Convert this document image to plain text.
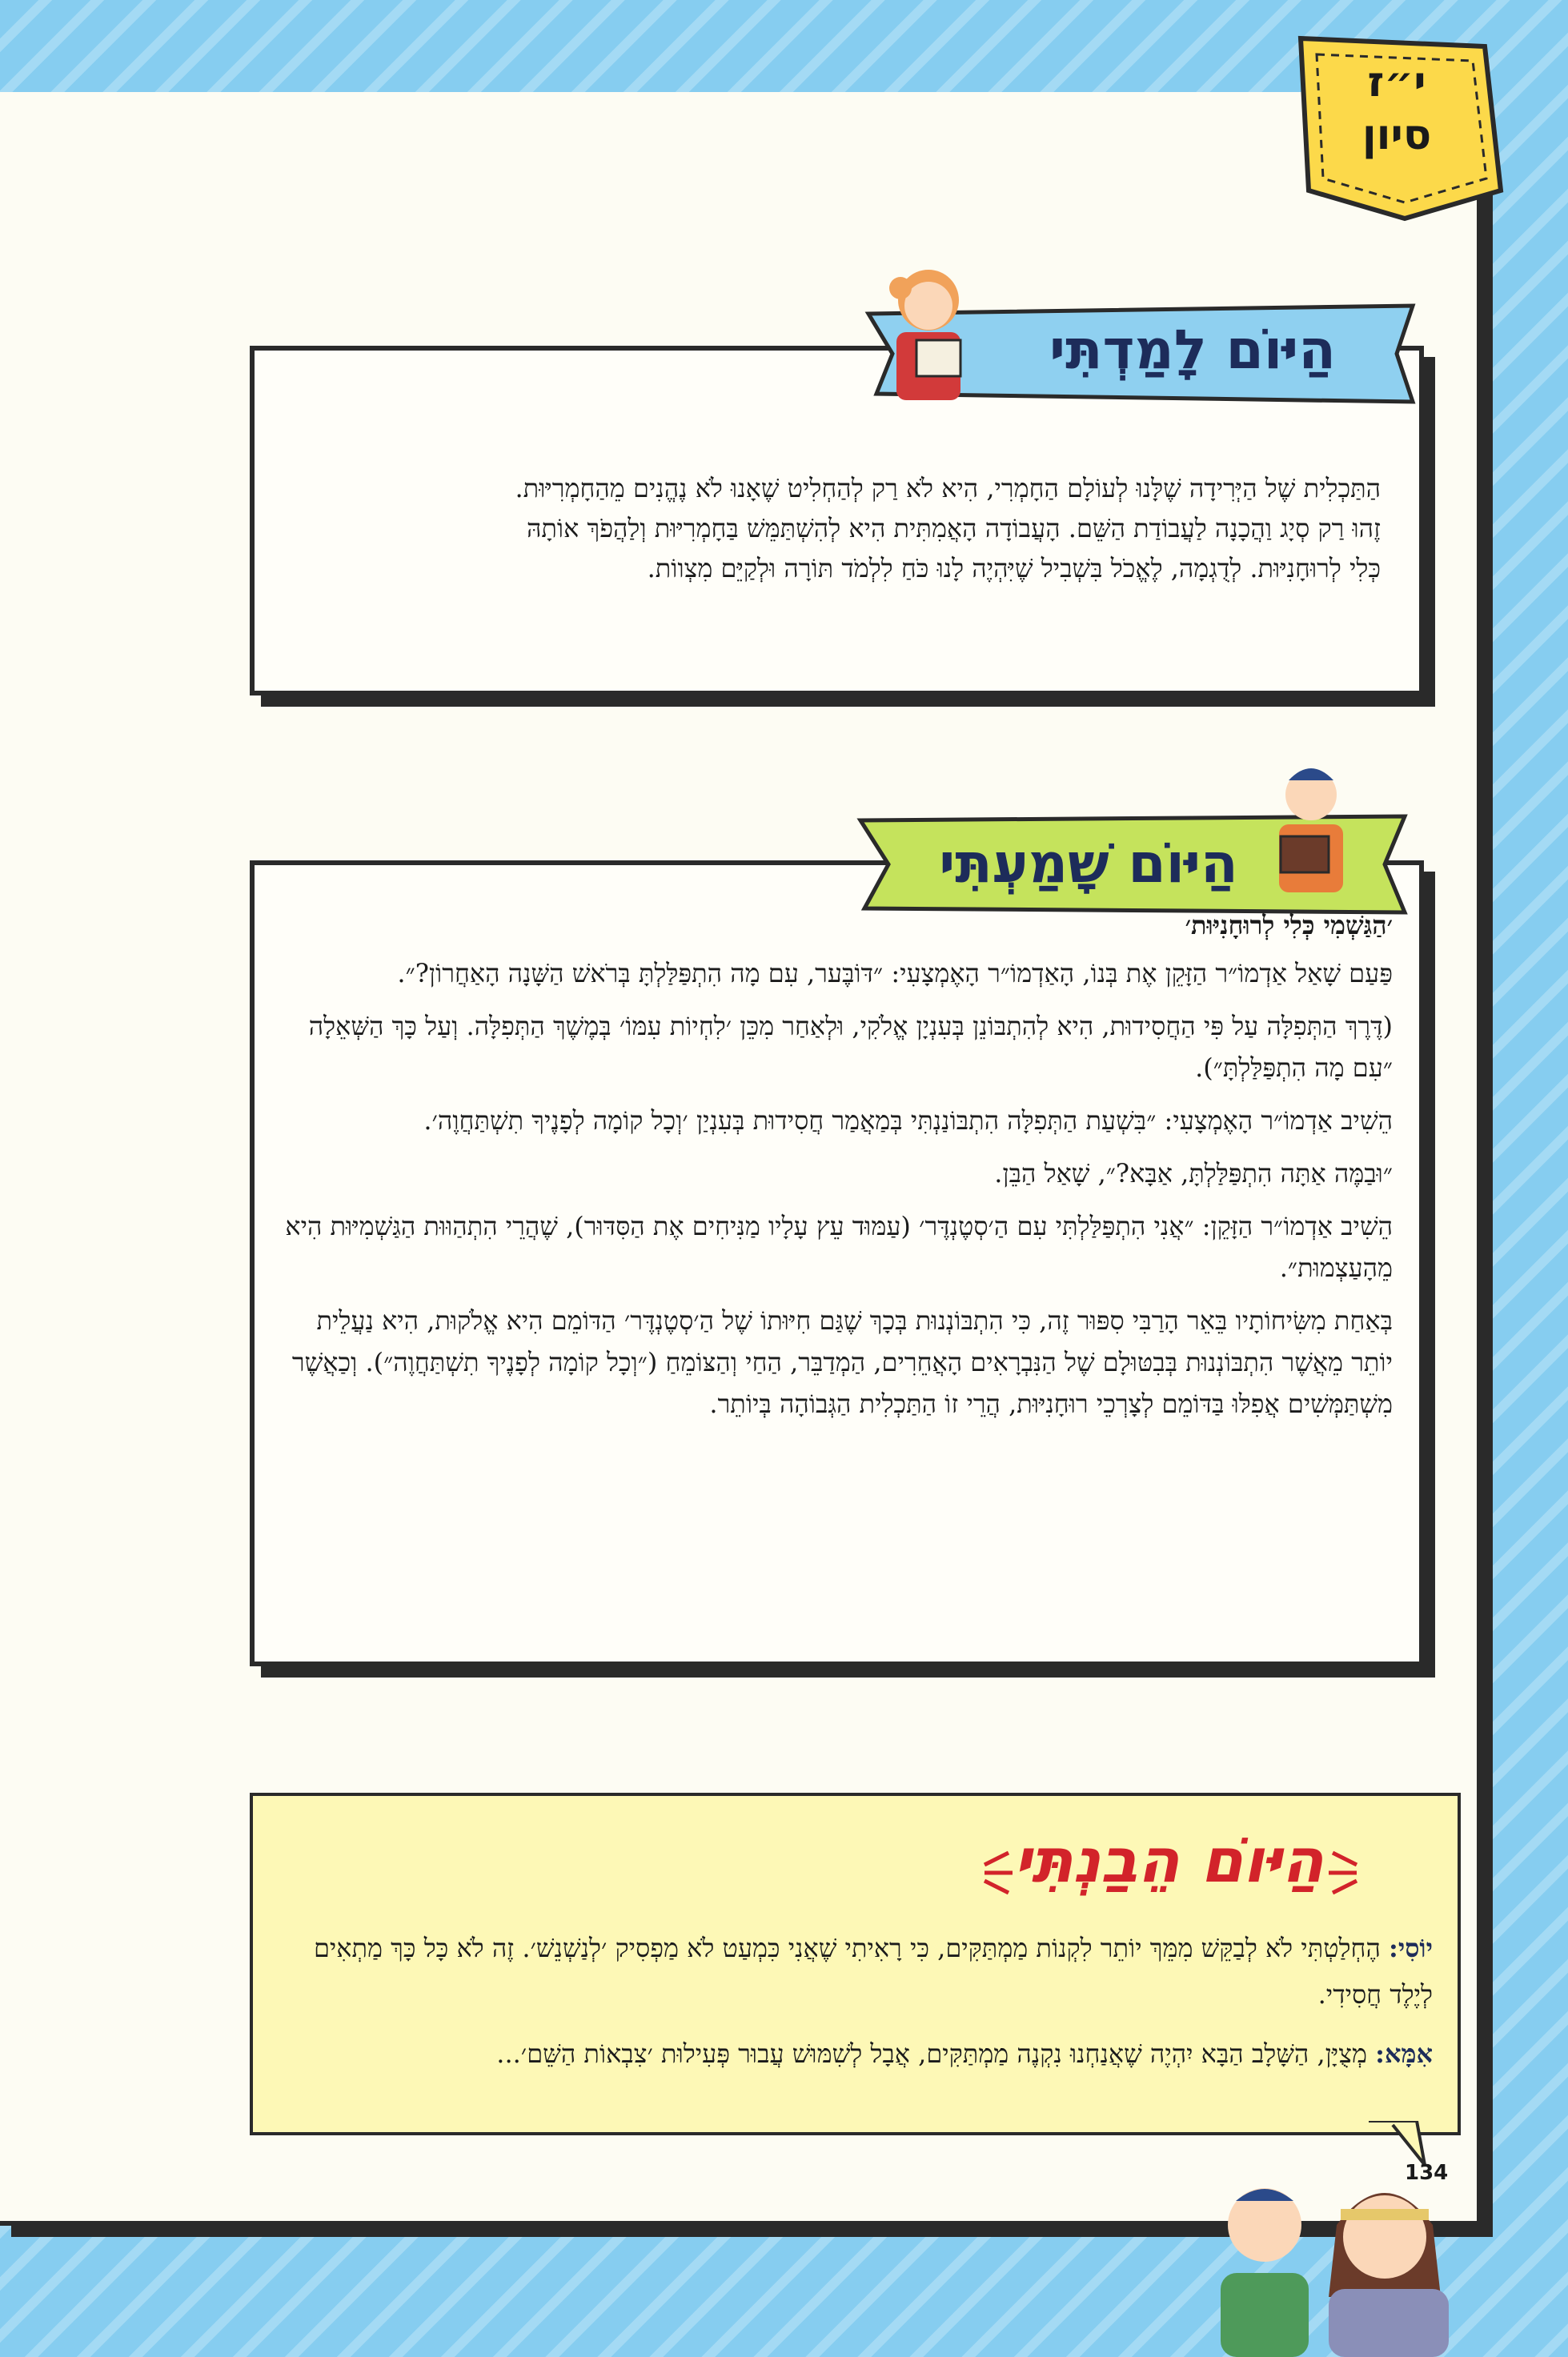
י״ז
סיון
הַיּוֹם לָמַדְתִּי

הַתַּכְלִית שֶׁל הַיְּרִידָה שֶׁלָּנוּ לְעוֹלָם הַחָמְרִי, הִיא לֹא רַק לְהַחְלִיט שֶׁאָנוּ לֹא נֶהֱנִים מֵהַחָמְרִיּוּת.

זֶהוּ רַק סְיָג וַהֲכָנָה לַעֲבוֹדַת הַשֵּׁם. הָעֲבוֹדָה הָאֲמִתִּית הִיא לְהִשְׁתַּמֵּשׁ בַּחָמְרִיּוּת וְלַהֲפֹךְ אוֹתָהּ

כְּלִי לְרוּחָנִיּוּת. לְדֻגְמָה, לֶאֱכֹל בִּשְׁבִיל שֶׁיִּהְיֶה לָנוּ כֹּחַ לִלְמֹד תּוֹרָה וּלְקַיֵּם מִצְווֹת.

הַיּוֹם שָׁמַעְתִּי

׳הַגַּשְׁמִי כְּלִי לְרוּחָנִיּוּת׳

פַּעַם שָׁאַל אַדְמוֹ״ר הַזָּקֵן אֶת בְּנוֹ, הָאַדְמוֹ״ר הָאֶמְצָעִי: ״דּוֹבֶּער, עִם מָה הִתְפַּלַּלְתָּ בְּרֹאשׁ הַשָּׁנָה הָאַחֲרוֹן?״.

(דֶּרֶךְ הַתְּפִלָּה עַל פִּי הַחֲסִידוּת, הִיא לְהִתְבּוֹנֵן בְּעִנְיָן אֱלֹקִי, וּלְאַחַר מִכֵּן ׳לִחְיוֹת עִמּוֹ׳ בְּמֶשֶׁךְ הַתְּפִלָּה. וְעַל כָּךְ הַשְּׁאֵלָה ״עִם מָה הִתְפַּלַּלְתָּ״).

הֵשִׁיב אַדְמוֹ״ר הָאֶמְצָעִי: ״בִּשְׁעַת הַתְּפִלָּה הִתְבּוֹנַנְתִּי בְּמַאֲמַר חֲסִידוּת בְּעִנְיַן ׳וְכָל קוֹמָה לְפָנֶיךָ תִשְׁתַּחֲוֶה׳.

״וּבַמֶּה אַתָּה הִתְפַּלַּלְתָּ, אַבָּא?״, שָׁאַל הַבֵּן.

הֵשִׁיב אַדְמוֹ״ר הַזָּקֵן: ״אֲנִי הִתְפַּלַּלְתִּי עִם הַ׳סְטֶנְדֶּר׳ (עַמּוּד עֵץ עָלָיו מַנִּיחִים אֶת הַסִּדּוּר), שֶׁהֲרֵי הִתְהַוּוּת הַגַּשְׁמִיּוּת הִיא מֵהָעַצְמוּת״.

בְּאַחַת מִשִּׂיחוֹתָיו בֵּאֵר הָרַבִּי סִפּוּר זֶה, כִּי הִתְבּוֹנְנוּת בְּכָךְ שֶׁגַּם חִיּוּתוֹ שֶׁל הַ׳סְטֶנְדֶּר׳ הַדּוֹמֵם הִיא אֱלֹקוּת, הִיא נַעֲלֵית יוֹתֵר מֵאֲשֶׁר הִתְבּוֹנְנוּת בְּבִטּוּלָם שֶׁל הַנִּבְרָאִים הָאֲחֵרִים, הַמְדַבֵּר, הַחַי וְהַצּוֹמֵחַ (״וְכָל קוֹמָה לְפָנֶיךָ תִשְׁתַּחֲוֶה״). וְכַאֲשֶׁר מִשְׁתַּמְּשִׁים אֲפִלּוּ בַּדּוֹמֵם לְצָרְכֵי רוּחָנִיּוּת, הֲרֵי זוֹ הַתַּכְלִית הַגְּבוֹהָה בְּיוֹתֵר.

הַיּוֹם הֵבַנְתִּי

יוֹסִי: הֶחְלַטְתִּי לֹא לְבַקֵּשׁ מִמֵּךְ יוֹתֵר לִקְנוֹת מַמְתַּקִּים, כִּי רָאִיתִי שֶׁאֲנִי כִּמְעַט לֹא מַפְסִיק ׳לְנַשְׁנֵשׁ׳. זֶה לֹא כָּל כָּךְ מַתְאִים לְיֶלֶד חֲסִידִי.

אִמָּא: מְצֻיָּן, הַשָּׁלָב הַבָּא יִהְיֶה שֶׁאֲנַחְנוּ נִקְנֶה מַמְתַּקִּים, אֲבָל לְשִׁמּוּשׁ עֲבוּר פְּעִילוּת ׳צִבְאוֹת הַשֵּׁם׳...

134
